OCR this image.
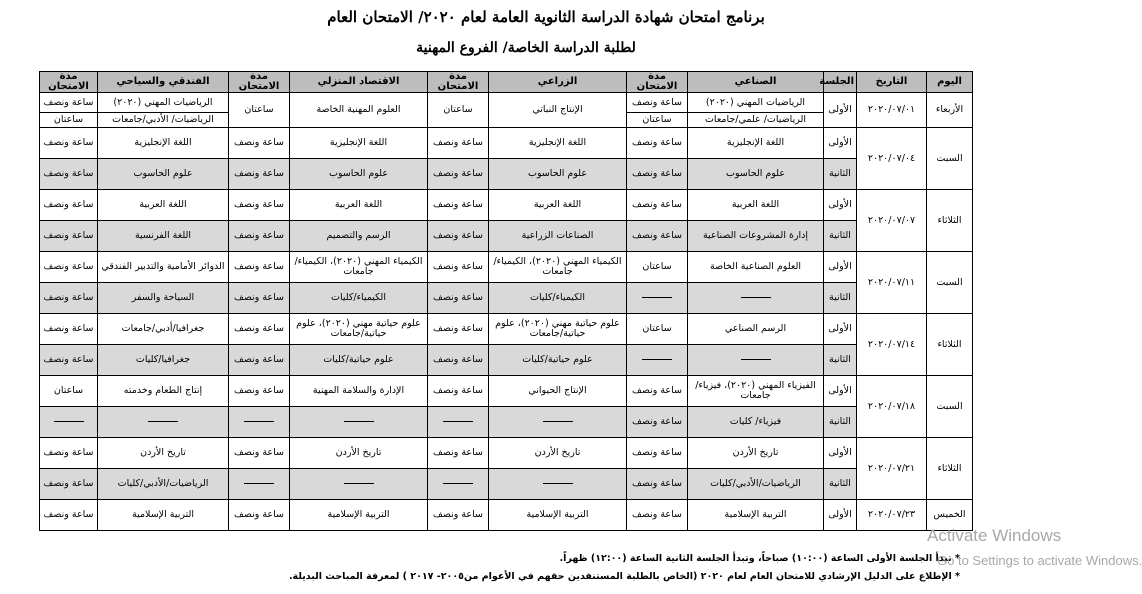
برنامج امتحان شهادة الدراسة الثانوية العامة لعام ٢٠٢٠/ الامتحان العام
لطلبة الدراسة الخاصة/ الفروع المهنية
اليوم	التاريخ	الجلسة	الصناعي	مدة الامتحان	الزراعي	مدة الامتحان	الاقتصاد المنزلي	مدة الامتحان	الفندقي والسياحي	مدة الامتحان
الأربعاء	٢٠٢٠/٠٧/٠١	الأولى	الرياضيات المهني (٢٠٢٠)	ساعة ونصف	الإنتاج النباتي	ساعتان	العلوم المهنية الخاصة	ساعتان	الرياضيات المهني (٢٠٢٠)	ساعة ونصف
			الرياضيات/ علمي/جامعات	ساعتان					الرياضيات/ الأدبي/جامعات	ساعتان
السبت	٢٠٢٠/٠٧/٠٤	الأولى	اللغة الإنجليزية	ساعة ونصف	اللغة الإنجليزية	ساعة ونصف	اللغة الإنجليزية	ساعة ونصف	اللغة الإنجليزية	ساعة ونصف
		الثانية	علوم الحاسوب	ساعة ونصف	علوم الحاسوب	ساعة ونصف	علوم الحاسوب	ساعة ونصف	علوم الحاسوب	ساعة ونصف
الثلاثاء	٢٠٢٠/٠٧/٠٧	الأولى	اللغة العربية	ساعة ونصف	اللغة العربية	ساعة ونصف	اللغة العربية	ساعة ونصف	اللغة العربية	ساعة ونصف
		الثانية	إدارة المشروعات الصناعية	ساعة ونصف	الصناعات الزراعية	ساعة ونصف	الرسم والتصميم	ساعة ونصف	اللغة الفرنسية	ساعة ونصف
السبت	٢٠٢٠/٠٧/١١	الأولى	العلوم الصناعية الخاصة	ساعتان	الكيمياء المهني (٢٠٢٠)، الكيمياء/جامعات	ساعة ونصف	الكيمياء المهني (٢٠٢٠)، الكيمياء/جامعات	ساعة ونصف	الدوائر الأمامية والتدبير الفندقي	ساعة ونصف
		الثانية			الكيمياء/كليات	ساعة ونصف	الكيمياء/كليات	ساعة ونصف	السياحة والسفر	ساعة ونصف
الثلاثاء	٢٠٢٠/٠٧/١٤	الأولى	الرسم الصناعي	ساعتان	علوم حياتية مهني (٢٠٢٠)، علوم حياتية/جامعات	ساعة ونصف	علوم حياتية مهني (٢٠٢٠)، علوم حياتية/جامعات	ساعة ونصف	جغرافيا/أدبي/جامعات	ساعة ونصف
		الثانية			علوم حياتية/كليات	ساعة ونصف	علوم حياتية/كليات	ساعة ونصف	جغرافيا/كليات	ساعة ونصف
السبت	٢٠٢٠/٠٧/١٨	الأولى	الفيزياء المهني (٢٠٢٠)، فيزياء/ جامعات	ساعة ونصف	الإنتاج الحيواني	ساعة ونصف	الإدارة والسلامة المهنية	ساعة ونصف	إنتاج الطعام وخدمته	ساعتان
		الثانية	فيزياء/ كليات	ساعة ونصف						
الثلاثاء	٢٠٢٠/٠٧/٢١	الأولى	تاريخ الأردن	ساعة ونصف	تاريخ الأردن	ساعة ونصف	تاريخ الأردن	ساعة ونصف	تاريخ الأردن	ساعة ونصف
		الثانية	الرياضيات/الأدبي/كليات	ساعة ونصف					الرياضيات/الأدبي/كليات	ساعة ونصف
الخميس	٢٠٢٠/٠٧/٢٣	الأولى	التربية الإسلامية	ساعة ونصف	التربية الإسلامية	ساعة ونصف	التربية الإسلامية	ساعة ونصف	التربية الإسلامية	ساعة ونصف
* تبدأ الجلسة الأولى الساعة (١٠:٠٠) صباحاً، وتبدأ الجلسة الثانية الساعة (١٢:٠٠) ظهراً.
* الإطلاع على الدليل الإرشادي للامتحان العام لعام ٢٠٢٠ (الخاص بالطلبة المستنفدين حقهم في الأعوام من٢٠٠٥- ٢٠١٧ ) لمعرفة المباحث البديلة.
Activate Windows
Go to Settings to activate Windows.
